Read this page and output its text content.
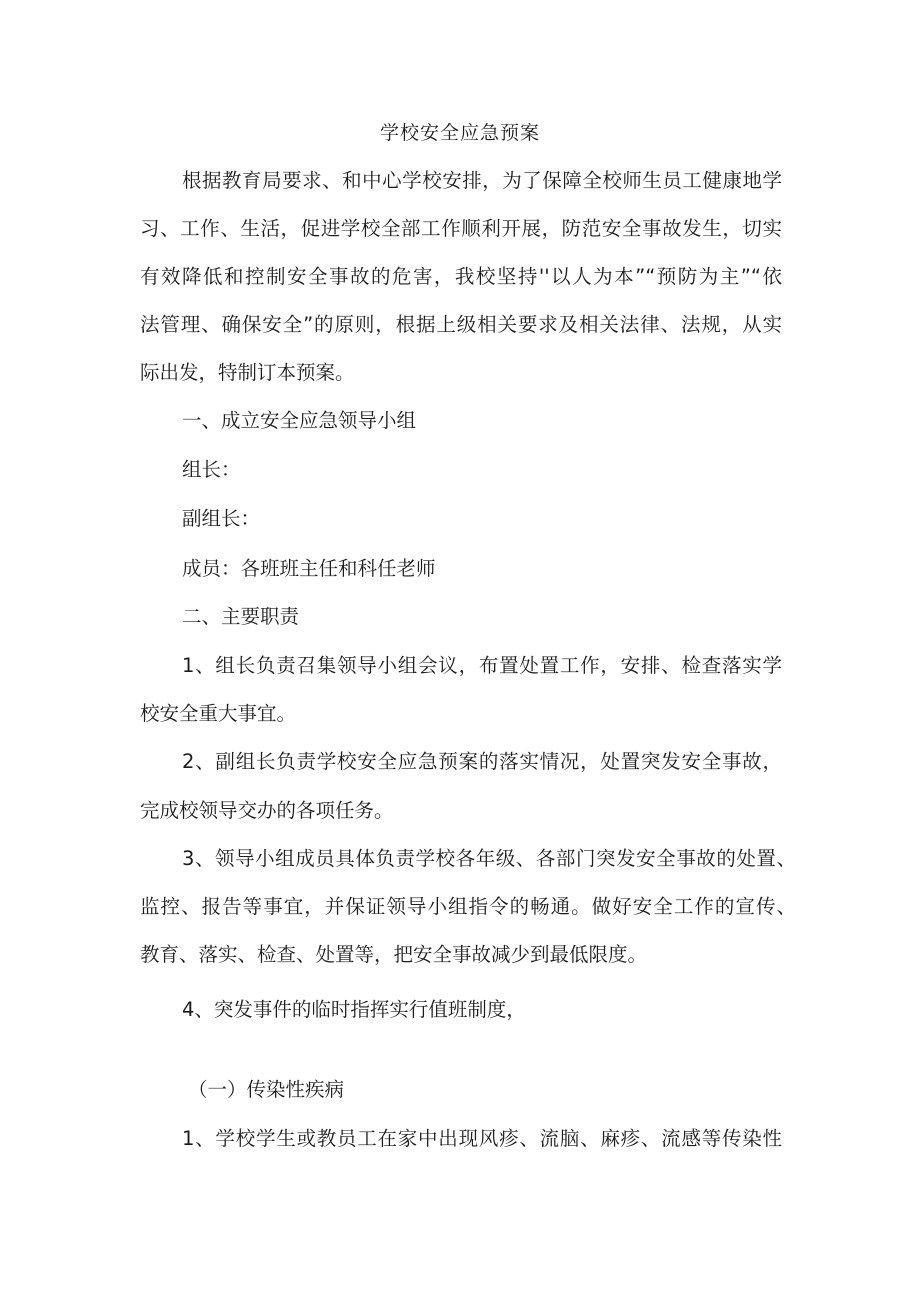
学校安全应急预案
根据教育局要求、和中心学校安排，为了保障全校师生员工健康地学
习、工作、生活，促进学校全部工作顺利开展，防范安全事故发生，切实
有效降低和控制安全事故的危害，我校坚持''以人为本”“预防为主”“依
法管理、确保安全”的原则，根据上级相关要求及相关法律、法规，从实
际出发，特制订本预案。
一、成立安全应急领导小组
组长：
副组长：
成员：各班班主任和科任老师
二、主要职责
1、组长负责召集领导小组会议，布置处置工作，安排、检查落实学
校安全重大事宜。
2、副组长负责学校安全应急预案的落实情况，处置突发安全事故，
完成校领导交办的各项任务。
3、领导小组成员具体负责学校各年级、各部门突发安全事故的处置、
监控、报告等事宜，并保证领导小组指令的畅通。做好安全工作的宣传、
教育、落实、检查、处置等，把安全事故减少到最低限度。
4、突发事件的临时指挥实行值班制度，
（一）传染性疾病
1、学校学生或教员工在家中出现风疹、流脑、麻疹、流感等传染性
